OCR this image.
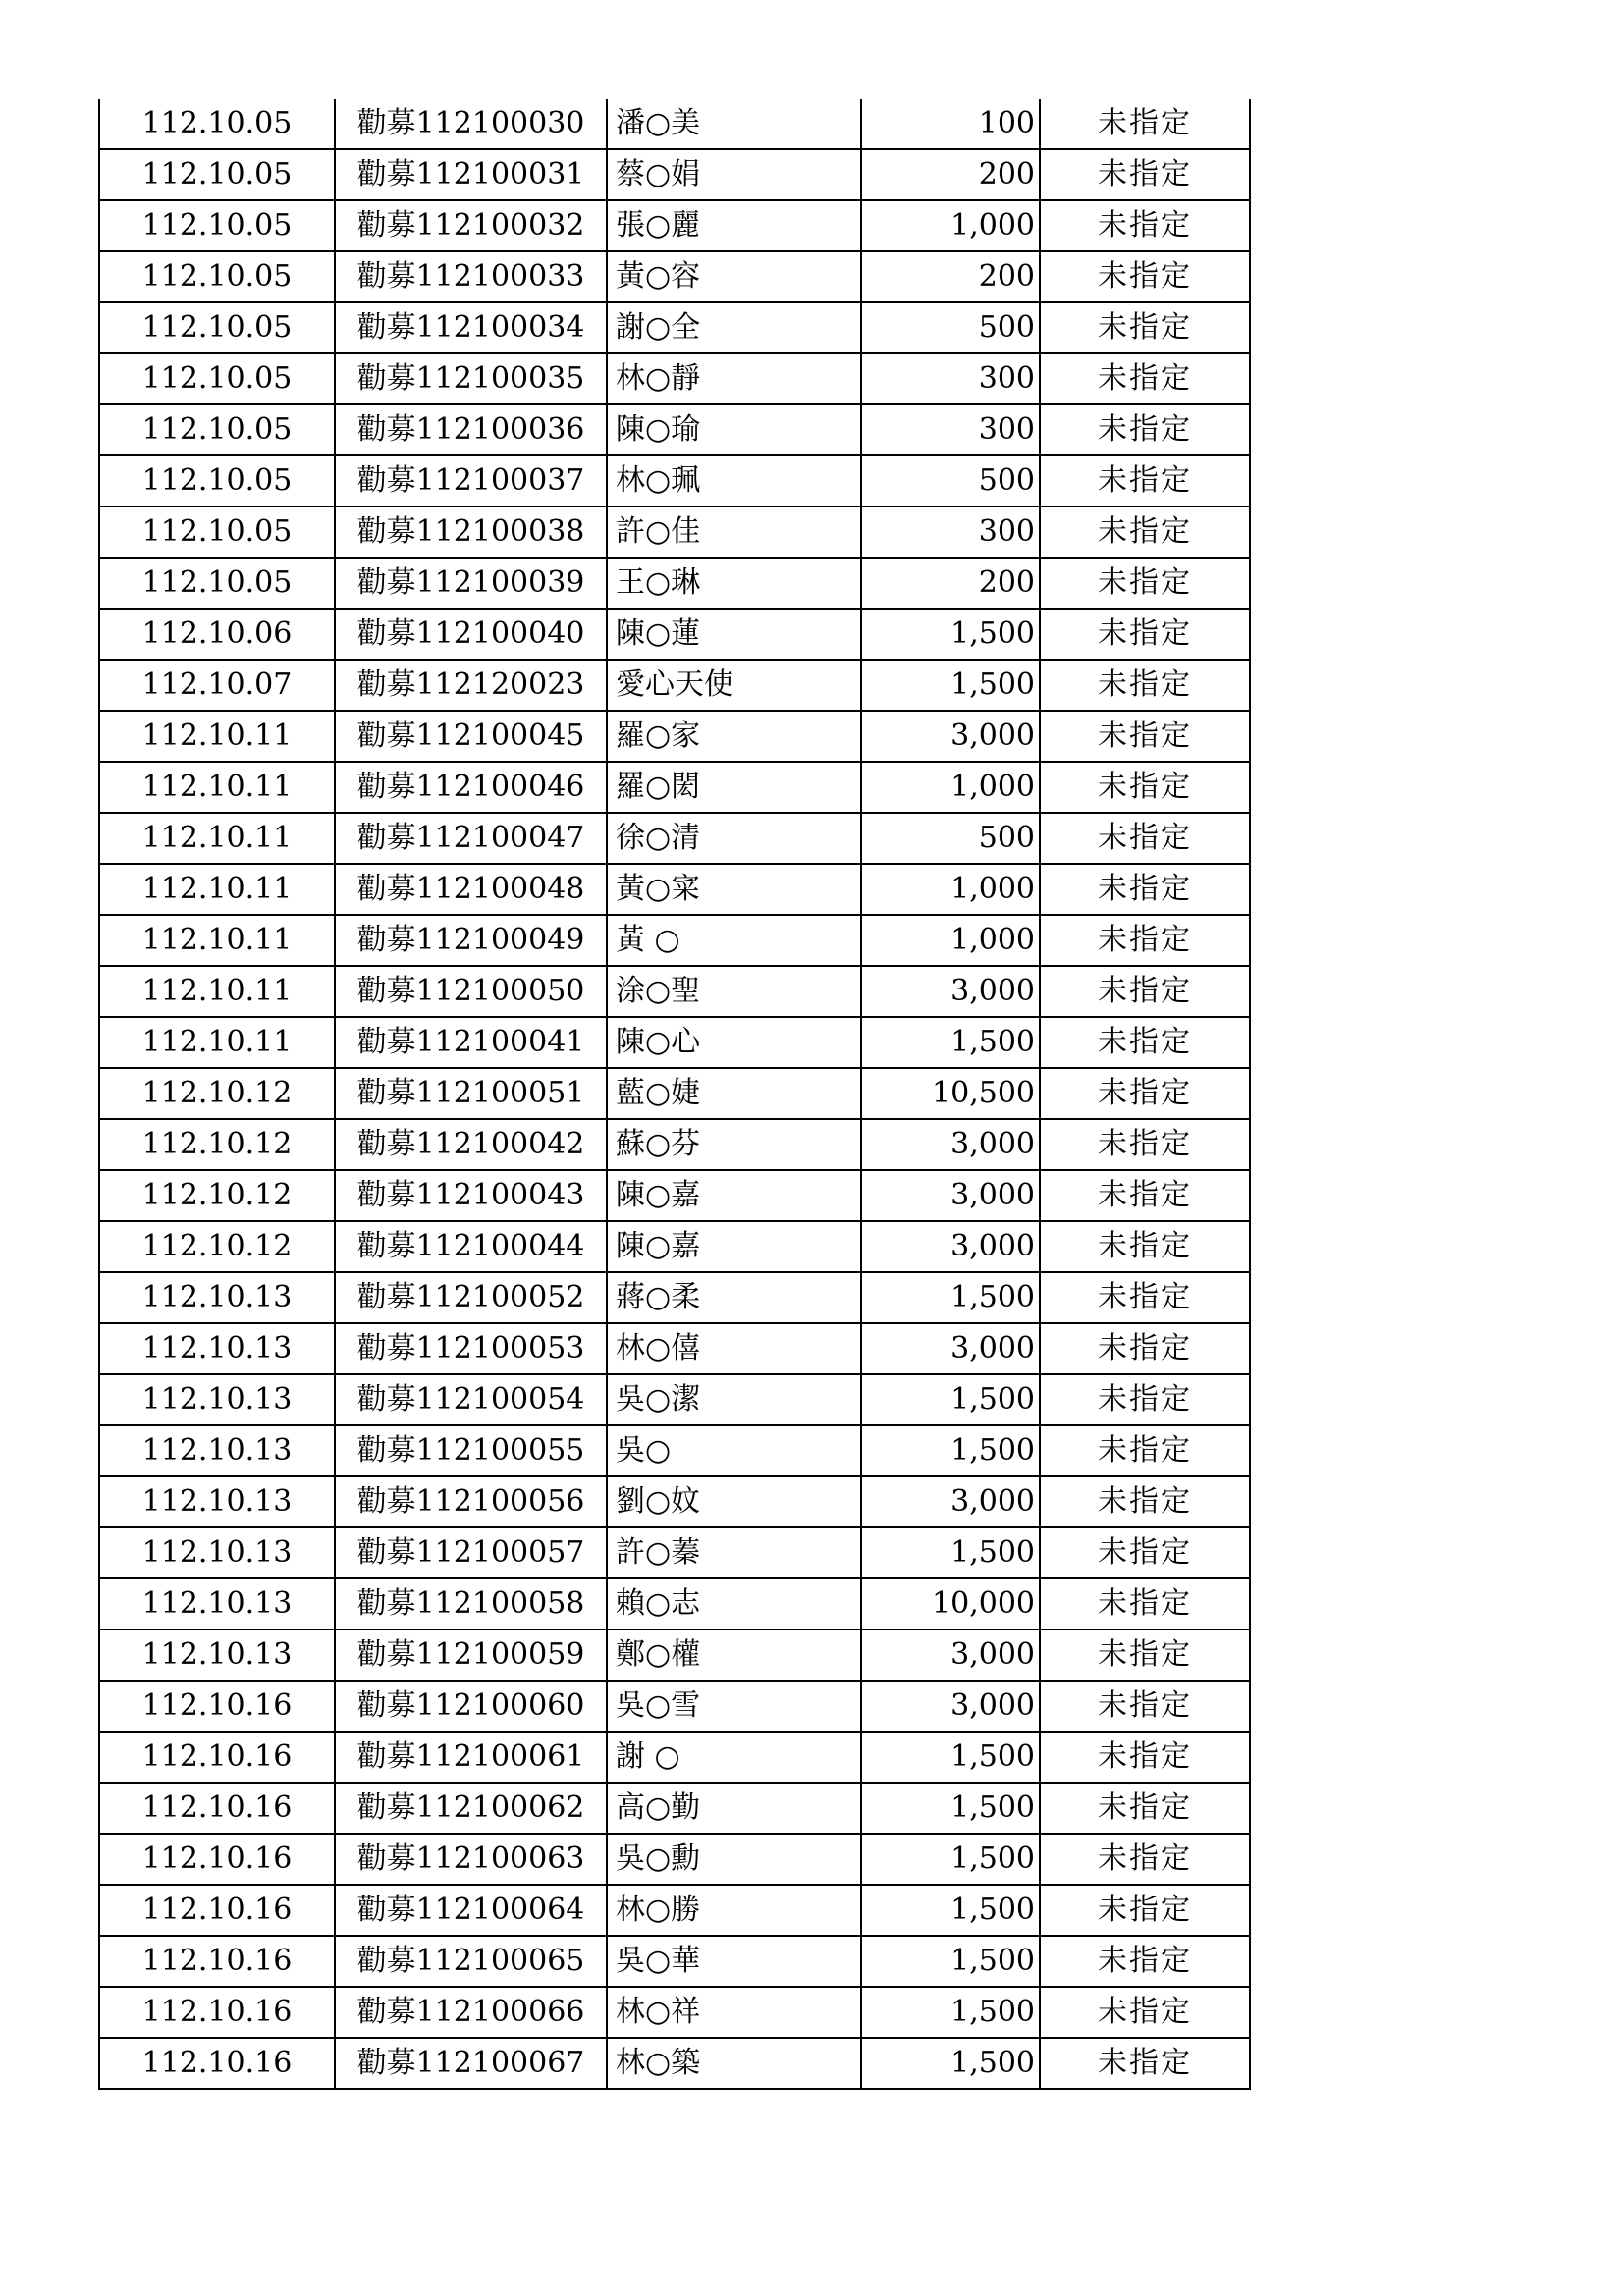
112.10.05	勸募112100030	潘○美	100	未指定
112.10.05	勸募112100031	蔡○娟	200	未指定
112.10.05	勸募112100032	張○麗	1,000	未指定
112.10.05	勸募112100033	黃○容	200	未指定
112.10.05	勸募112100034	謝○全	500	未指定
112.10.05	勸募112100035	林○靜	300	未指定
112.10.05	勸募112100036	陳○瑜	300	未指定
112.10.05	勸募112100037	林○珮	500	未指定
112.10.05	勸募112100038	許○佳	300	未指定
112.10.05	勸募112100039	王○琳	200	未指定
112.10.06	勸募112100040	陳○蓮	1,500	未指定
112.10.07	勸募112120023	愛心天使	1,500	未指定
112.10.11	勸募112100045	羅○家	3,000	未指定
112.10.11	勸募112100046	羅○閎	1,000	未指定
112.10.11	勸募112100047	徐○清	500	未指定
112.10.11	勸募112100048	黃○寀	1,000	未指定
112.10.11	勸募112100049	黃 ○	1,000	未指定
112.10.11	勸募112100050	涂○聖	3,000	未指定
112.10.11	勸募112100041	陳○心	1,500	未指定
112.10.12	勸募112100051	藍○婕	10,500	未指定
112.10.12	勸募112100042	蘇○芬	3,000	未指定
112.10.12	勸募112100043	陳○嘉	3,000	未指定
112.10.12	勸募112100044	陳○嘉	3,000	未指定
112.10.13	勸募112100052	蔣○柔	1,500	未指定
112.10.13	勸募112100053	林○僖	3,000	未指定
112.10.13	勸募112100054	吳○潔	1,500	未指定
112.10.13	勸募112100055	吳○	1,500	未指定
112.10.13	勸募112100056	劉○妏	3,000	未指定
112.10.13	勸募112100057	許○蓁	1,500	未指定
112.10.13	勸募112100058	賴○志	10,000	未指定
112.10.13	勸募112100059	鄭○權	3,000	未指定
112.10.16	勸募112100060	吳○雪	3,000	未指定
112.10.16	勸募112100061	謝 ○	1,500	未指定
112.10.16	勸募112100062	高○勤	1,500	未指定
112.10.16	勸募112100063	吳○勳	1,500	未指定
112.10.16	勸募112100064	林○勝	1,500	未指定
112.10.16	勸募112100065	吳○華	1,500	未指定
112.10.16	勸募112100066	林○祥	1,500	未指定
112.10.16	勸募112100067	林○築	1,500	未指定
